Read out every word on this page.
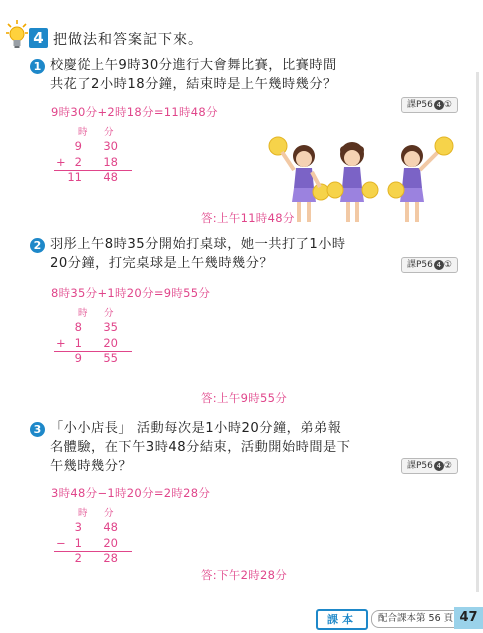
4 把做法和答案記下來。
1 校慶從上午9時30分進行大會舞比賽，比賽時間
共花了2小時18分鐘，結束時是上午幾時幾分？
課P56 4 ①
9時30分+2時18分=11時48分
時 分
9 30
+ 2 18
11 48
答:上午11時48分
2 羽彤上午8時35分開始打桌球，她一共打了1小時
20分鐘，打完桌球是上午幾時幾分？	課P56 4 ①
8時35分+1時20分=9時55分
時 分
8 35
+ 1 20
9 55
答:上午9時55分
3 「小小店長」 活動每次是1小時20分鐘，弟弟報
名體驗，在下午3時48分結束，活動開始時間是下
午幾時幾分？	課P56 4 ②
3時48分−1時20分=2時28分
時 分
3 48
− 1 20
2 28
答:下午2時28分
課本	配合課本第 56 頁 47
